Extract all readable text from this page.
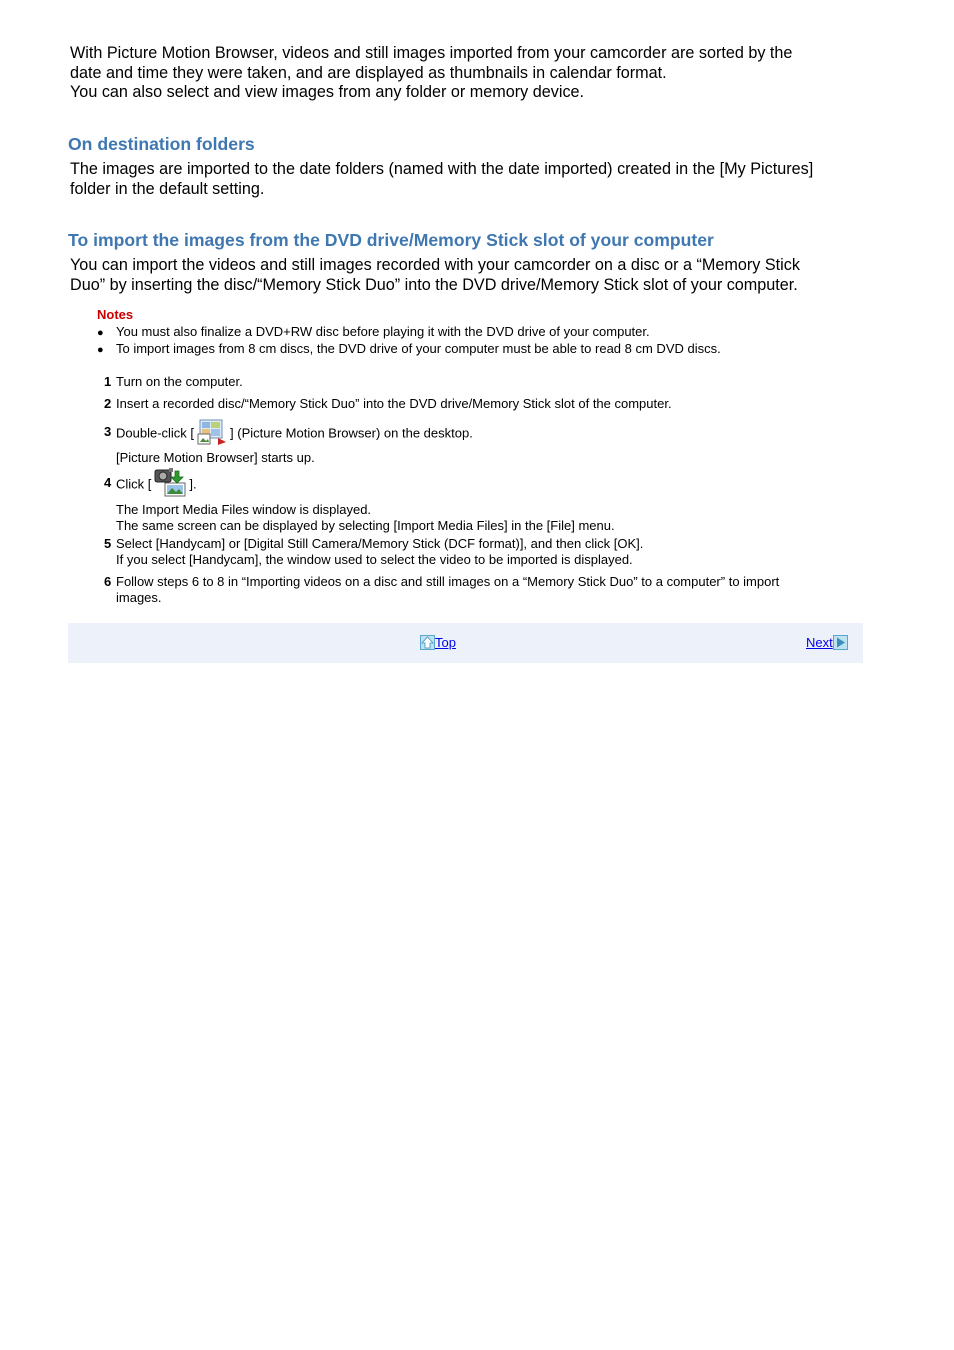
With Picture Motion Browser, videos and still images imported from your camcorder are sorted by the
date and time they were taken, and are displayed as thumbnails in calendar format.
You can also select and view images from any folder or memory device.

On destination folders

The images are imported to the date folders (named with the date imported) created in the [My Pictures]
folder in the default setting.

To import the images from the DVD drive/Memory Stick slot of your computer

You can import the videos and still images recorded with your camcorder on a disc or a “Memory Stick
Duo” by inserting the disc/“Memory Stick Duo” into the DVD drive/Memory Stick slot of your computer.

Notes
● You must also finalize a DVD+RW disc before playing it with the DVD drive of your computer.
● To import images from 8 cm discs, the DVD drive of your computer must be able to read 8 cm DVD discs.
1 Turn on the computer.
2 Insert a recorded disc/“Memory Stick Duo” into the DVD drive/Memory Stick slot of the computer.
3 Double-click [	] (Picture Motion Browser) on the desktop.
[Picture Motion Browser] starts up.
4 Click [	].
The Import Media Files window is displayed.
The same screen can be displayed by selecting [Import Media Files] in the [File] menu.
5 Select [Handycam] or [Digital Still Camera/Memory Stick (DCF format)], and then click [OK].
If you select [Handycam], the window used to select the video to be imported is displayed.
6 Follow steps 6 to 8 in “Importing videos on a disc and still images on a “Memory Stick Duo” to a computer” to import
images.
Top	Next
